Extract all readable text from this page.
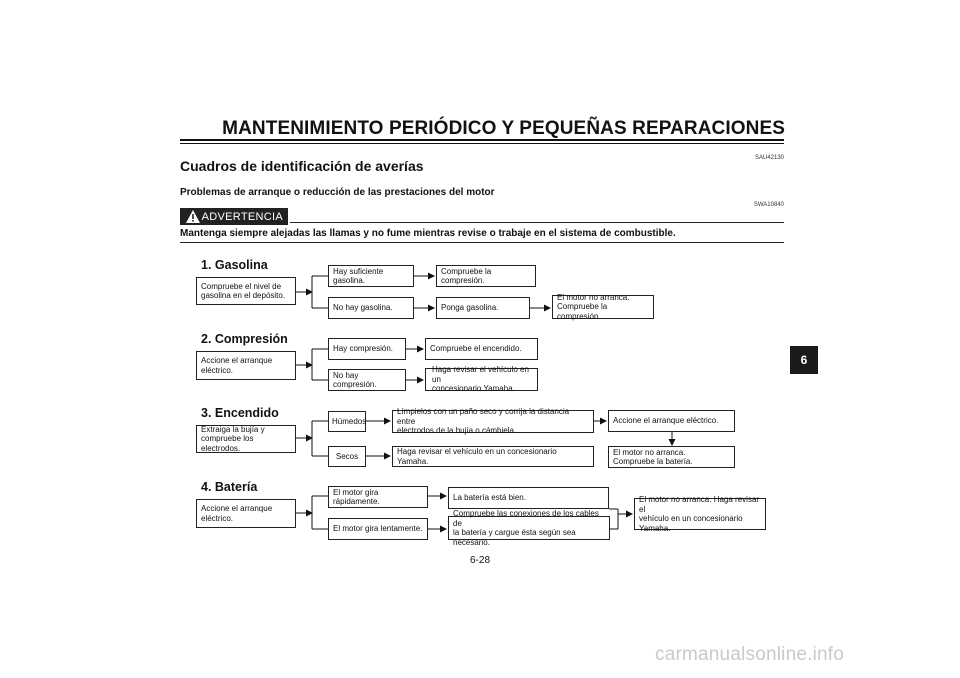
MANTENIMIENTO PERIÓDICO Y PEQUEÑAS REPARACIONES
Cuadros de identificación de averías	SAU42130
Problemas de arranque o reducción de las prestaciones del motor
SWA10840
ADVERTENCIA
Mantenga siempre alejadas las llamas y no fume mientras revise o trabaje en el sistema de combustible.
1. Gasolina
Compruebe el nivel de
gasolina en el depósito.
Hay suficiente gasolina.
Compruebe la compresión.
No hay gasolina.	Ponga gasolina.
El motor no arranca.
Compruebe la compresión.
2. Compresión
Accione el arranque
eléctrico.
Hay compresión.	Compruebe el encendido.
No hay compresión.
Haga revisar el vehículo en un
concesionario Yamaha.
3. Encendido
Extraiga la bujía y
compruebe los electrodos.
Húmedos
Límpielos con un paño seco y corrija la distancia entre
electrodos de la bujía o cámbiela.
Accione el arranque eléctrico.
El motor no arranca.
Compruebe la batería.
Secos
Haga revisar el vehículo en un concesionario Yamaha.
4. Batería
Accione el arranque
eléctrico.
El motor gira rápidamente.	La batería está bien.
El motor gira lentamente.
Compruebe las conexiones de los cables de
la batería y cargue ésta según sea necesario.
El motor no arranca. Haga revisar el
vehículo en un concesionario
Yamaha.
6
6-28
carmanualsonline.info
